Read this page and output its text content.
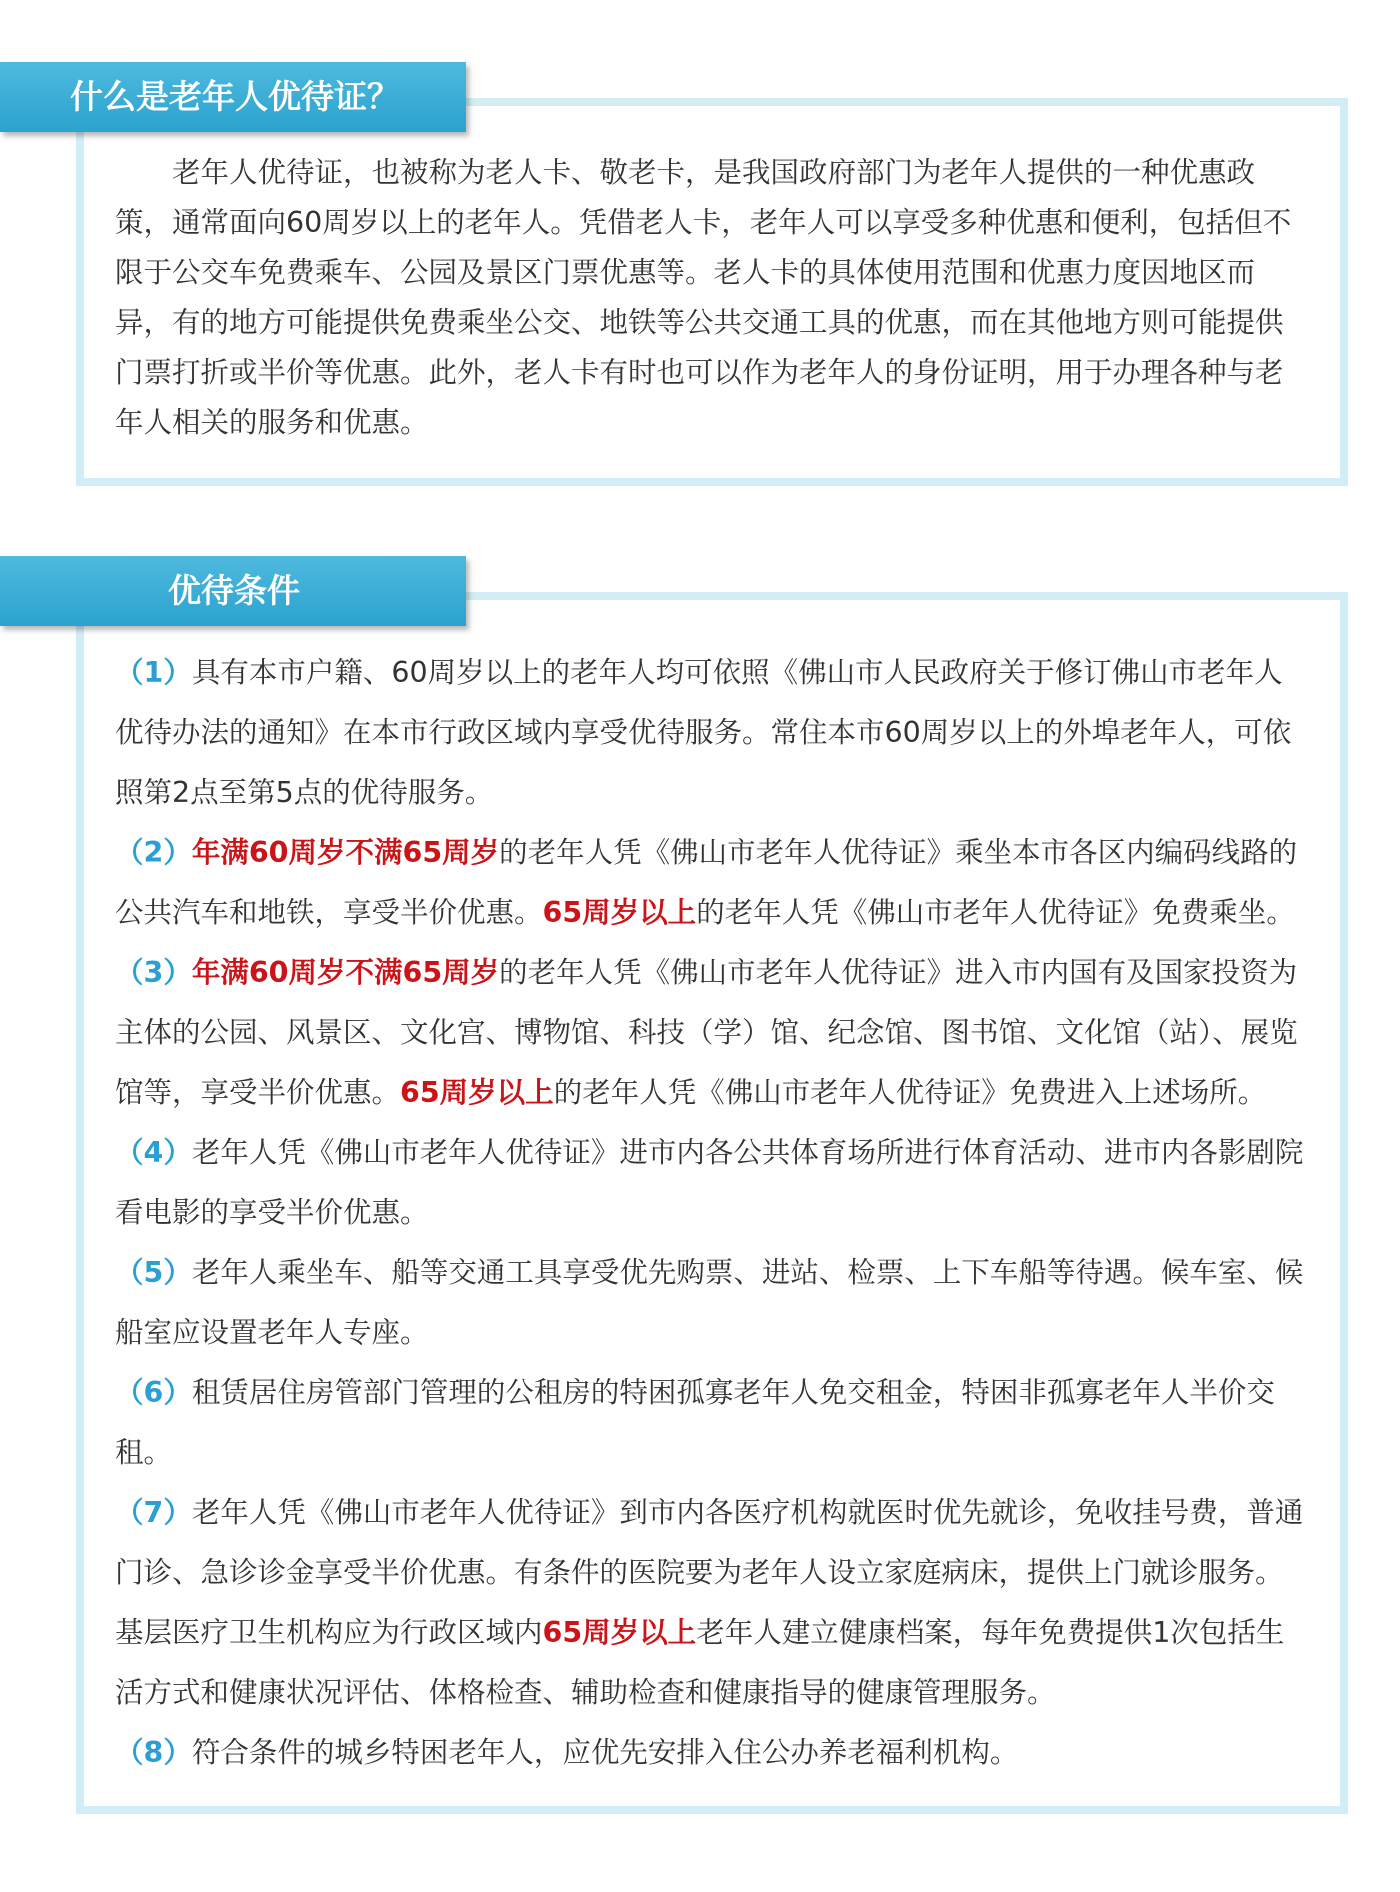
什么是老年人优待证？

老年人优待证，也被称为老人卡、敬老卡，是我国政府部门为老年人提供的一种优惠政策，通常面向60周岁以上的老年人。凭借老人卡，老年人可以享受多种优惠和便利，包括但不限于公交车免费乘车、公园及景区门票优惠等。老人卡的具体使用范围和优惠力度因地区而异，有的地方可能提供免费乘坐公交、地铁等公共交通工具的优惠，而在其他地方则可能提供门票打折或半价等优惠。此外，老人卡有时也可以作为老年人的身份证明，用于办理各种与老年人相关的服务和优惠。

优待条件

（1）具有本市户籍、60周岁以上的老年人均可依照《佛山市人民政府关于修订佛山市老年人优待办法的通知》在本市行政区域内享受优待服务。常住本市60周岁以上的外埠老年人，可依照第2点至第5点的优待服务。

（2）年满60周岁不满65周岁的老年人凭《佛山市老年人优待证》乘坐本市各区内编码线路的公共汽车和地铁，享受半价优惠。65周岁以上的老年人凭《佛山市老年人优待证》免费乘坐。

（3）年满60周岁不满65周岁的老年人凭《佛山市老年人优待证》进入市内国有及国家投资为主体的公园、风景区、文化宫、博物馆、科技（学）馆、纪念馆、图书馆、文化馆（站）、展览馆等，享受半价优惠。65周岁以上的老年人凭《佛山市老年人优待证》免费进入上述场所。

（4）老年人凭《佛山市老年人优待证》进市内各公共体育场所进行体育活动、进市内各影剧院看电影的享受半价优惠。

（5）老年人乘坐车、船等交通工具享受优先购票、进站、检票、上下车船等待遇。候车室、候船室应设置老年人专座。

（6）租赁居住房管部门管理的公租房的特困孤寡老年人免交租金，特困非孤寡老年人半价交租。

（7）老年人凭《佛山市老年人优待证》到市内各医疗机构就医时优先就诊，免收挂号费，普通门诊、急诊诊金享受半价优惠。有条件的医院要为老年人设立家庭病床，提供上门就诊服务。基层医疗卫生机构应为行政区域内65周岁以上老年人建立健康档案，每年免费提供1次包括生活方式和健康状况评估、体格检查、辅助检查和健康指导的健康管理服务。

（8）符合条件的城乡特困老年人，应优先安排入住公办养老福利机构。
